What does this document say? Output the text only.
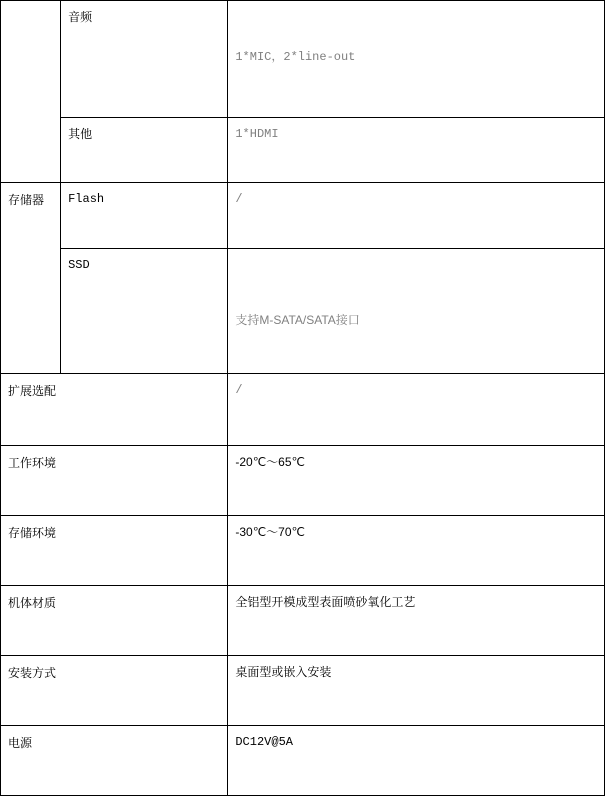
	音频	1*MIC，2*line-out

	其他	1*HDMI

存储器	Flash	/

	SSD	支持M-SATA/SATA接口

扩展选配		/

工作环境		-20℃～65℃

存储环境		-30℃～70℃

机体材质		全铝型开模成型表面喷砂氧化工艺

安装方式		桌面型或嵌入安装

电源		DC12V@5A
